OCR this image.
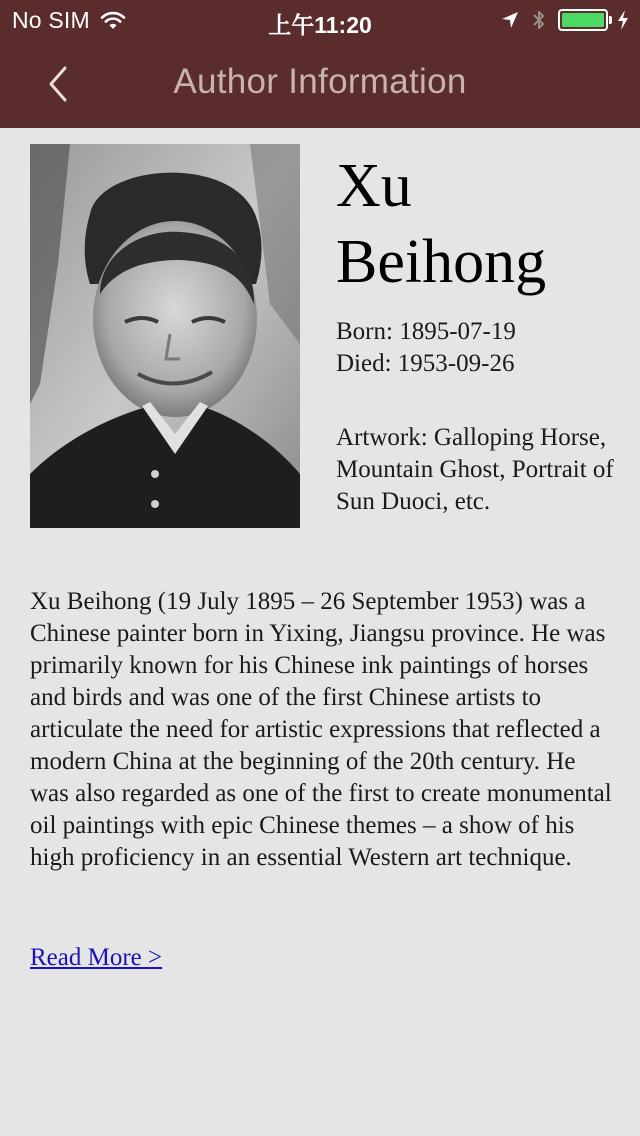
No SIM	上午11:20
Author Information
Xu Beihong
Born: 1895-07-19
Died: 1953-09-26
Artwork: Galloping Horse, Mountain Ghost, Portrait of Sun Duoci, etc.
Xu Beihong (19 July 1895 – 26 September 1953) was a Chinese painter born in Yixing, Jiangsu province. He was primarily known for his Chinese ink paintings of horses and birds and was one of the first Chinese artists to articulate the need for artistic expressions that reflected a modern China at the beginning of the 20th century. He was also regarded as one of the first to create monumental oil paintings with epic Chinese themes – a show of his high proficiency in an essential Western art technique.
Read More >
